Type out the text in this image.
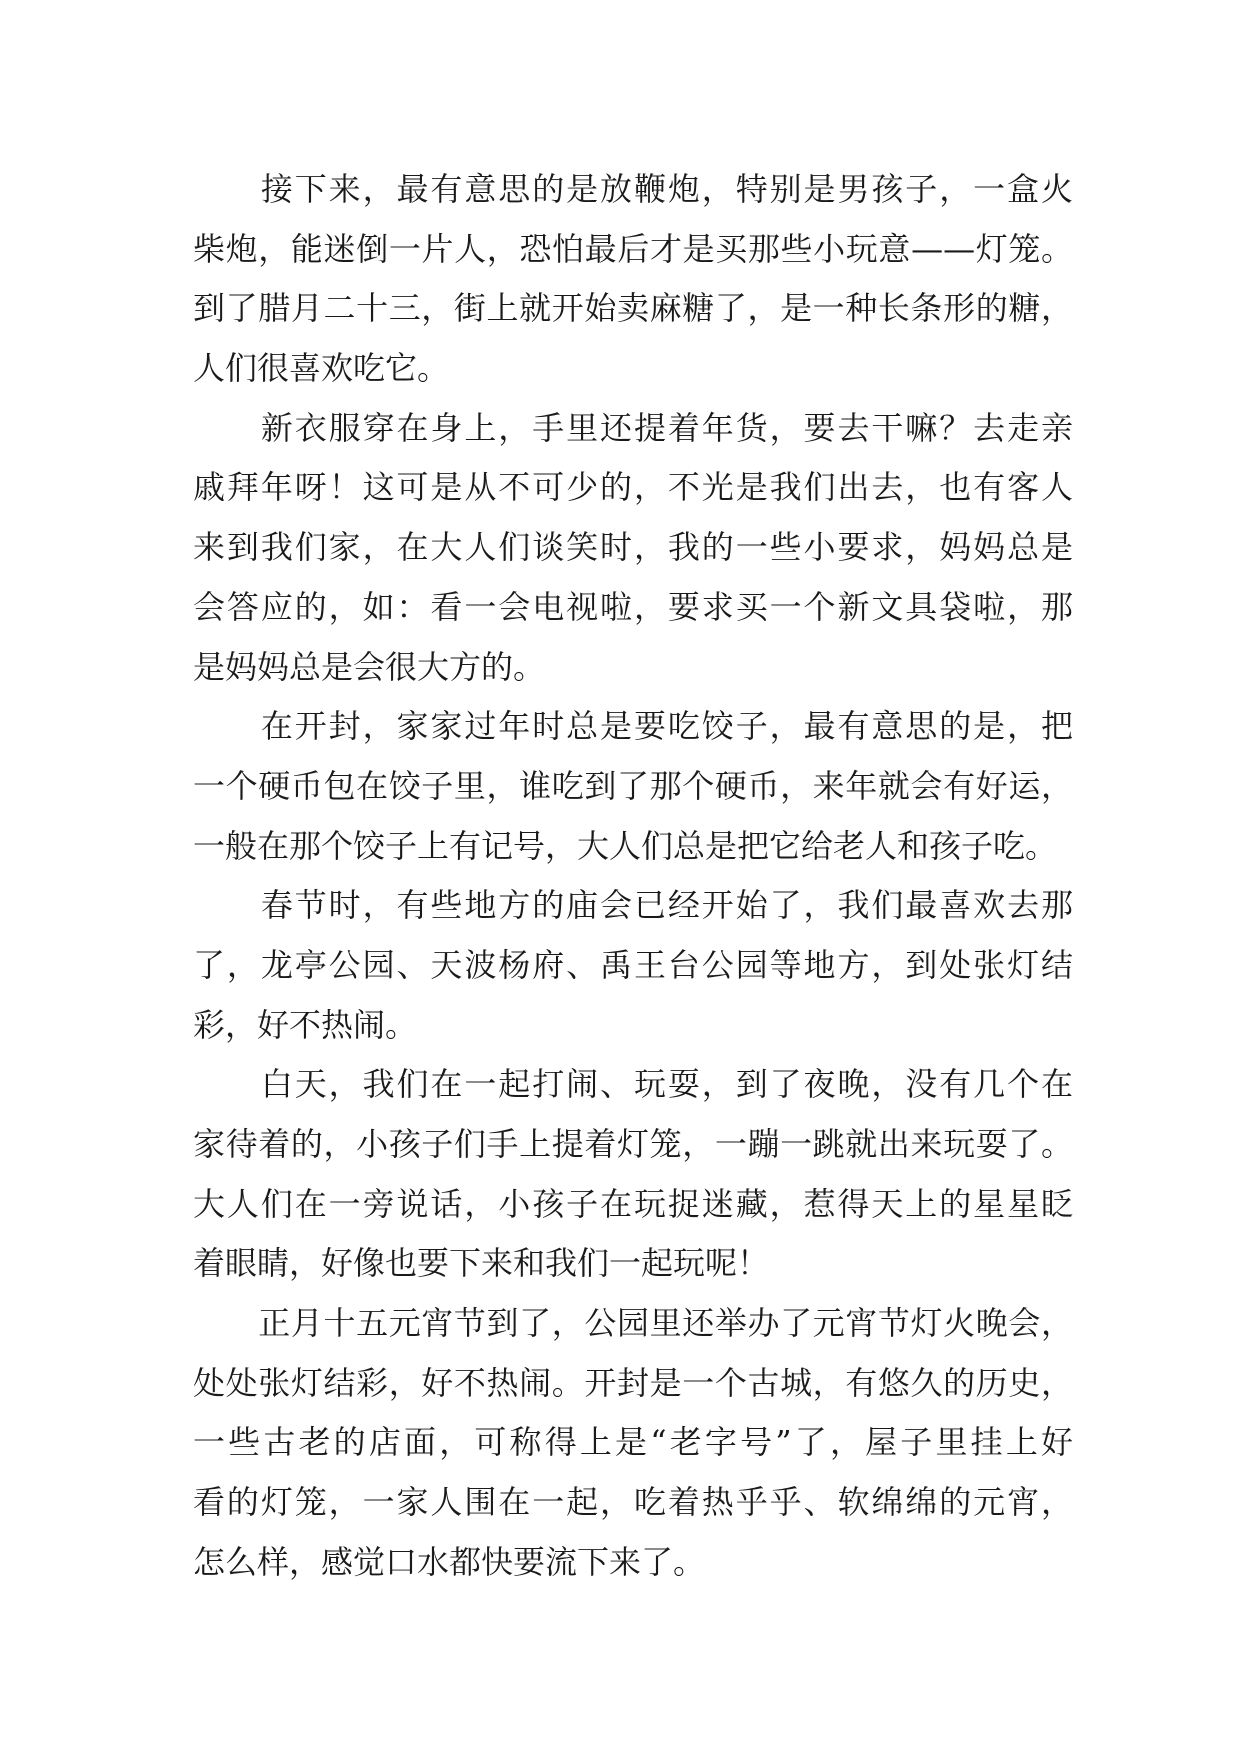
　　接下来，最有意思的是放鞭炮，特别是男孩子，一盒火
柴炮，能迷倒一片人，恐怕最后才是买那些小玩意——灯笼。
到了腊月二十三，街上就开始卖麻糖了，是一种长条形的糖，
人们很喜欢吃它。

　　新衣服穿在身上，手里还提着年货，要去干嘛？去走亲
戚拜年呀！这可是从不可少的，不光是我们出去，也有客人
来到我们家，在大人们谈笑时，我的一些小要求，妈妈总是
会答应的，如：看一会电视啦，要求买一个新文具袋啦，那
是妈妈总是会很大方的。

　　在开封，家家过年时总是要吃饺子，最有意思的是，把
一个硬币包在饺子里，谁吃到了那个硬币，来年就会有好运，
一般在那个饺子上有记号，大人们总是把它给老人和孩子吃。

　　春节时，有些地方的庙会已经开始了，我们最喜欢去那
了，龙亭公园、天波杨府、禹王台公园等地方，到处张灯结
彩，好不热闹。

　　白天，我们在一起打闹、玩耍，到了夜晚，没有几个在
家待着的，小孩子们手上提着灯笼，一蹦一跳就出来玩耍了。
大人们在一旁说话，小孩子在玩捉迷藏，惹得天上的星星眨
着眼睛，好像也要下来和我们一起玩呢！

　　正月十五元宵节到了，公园里还举办了元宵节灯火晚会，
处处张灯结彩，好不热闹。开封是一个古城，有悠久的历史，
一些古老的店面，可称得上是“老字号”了，屋子里挂上好
看的灯笼，一家人围在一起，吃着热乎乎、软绵绵的元宵，
怎么样，感觉口水都快要流下来了。
